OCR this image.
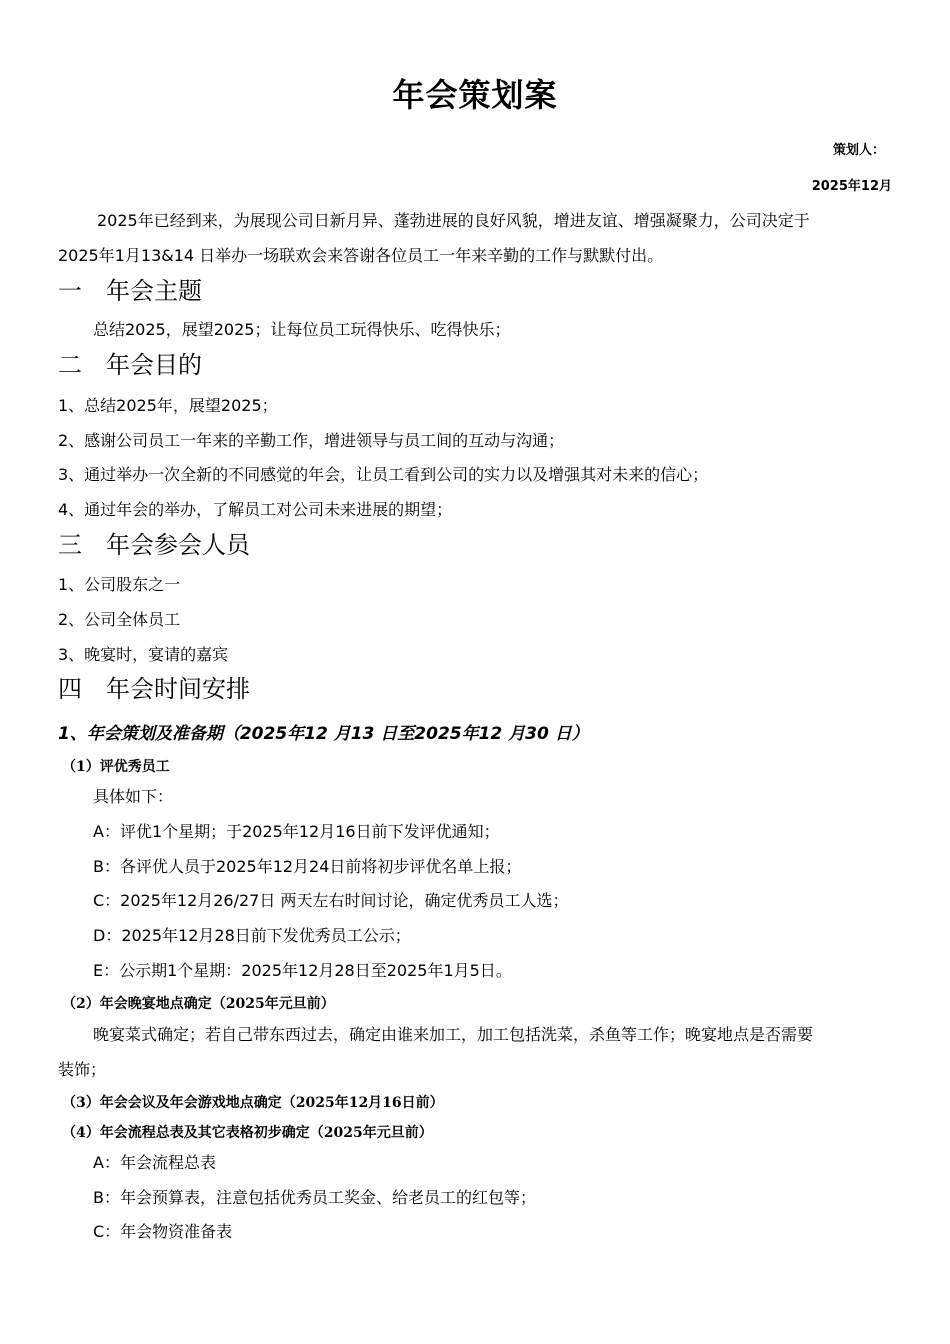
年会策划案
策划人：
2025年12月
2025年已经到来，为展现公司日新月异、蓬勃进展的良好风貌，增进友谊、增强凝聚力，公司决定于
2025年1月13&14 日举办一场联欢会来答谢各位员工一年来辛勤的工作与默默付出。
一 年会主题
总结2025，展望2025；让每位员工玩得快乐、吃得快乐；
二 年会目的
1、总结2025年，展望2025；
2、感谢公司员工一年来的辛勤工作，增进领导与员工间的互动与沟通；
3、通过举办一次全新的不同感觉的年会，让员工看到公司的实力以及增强其对未来的信心；
4、通过年会的举办，了解员工对公司未来进展的期望；
三 年会参会人员
1、公司股东之一
2、公司全体员工
3、晚宴时，宴请的嘉宾
四 年会时间安排
1、年会策划及准备期（2025年12 月13 日至2025年12 月30 日）
（1）评优秀员工
具体如下：
A：评优1个星期；于2025年12月16日前下发评优通知；
B：各评优人员于2025年12月24日前将初步评优名单上报；
C：2025年12月26/27日 两天左右时间讨论，确定优秀员工人选；
D：2025年12月28日前下发优秀员工公示；
E：公示期1个星期：2025年12月28日至2025年1月5日。
（2）年会晚宴地点确定（2025年元旦前）
晚宴菜式确定；若自己带东西过去，确定由谁来加工，加工包括洗菜，杀鱼等工作；晚宴地点是否需要
装饰；
（3）年会会议及年会游戏地点确定（2025年12月16日前）
（4）年会流程总表及其它表格初步确定（2025年元旦前）
A：年会流程总表
B：年会预算表，注意包括优秀员工奖金、给老员工的红包等；
C：年会物资准备表
